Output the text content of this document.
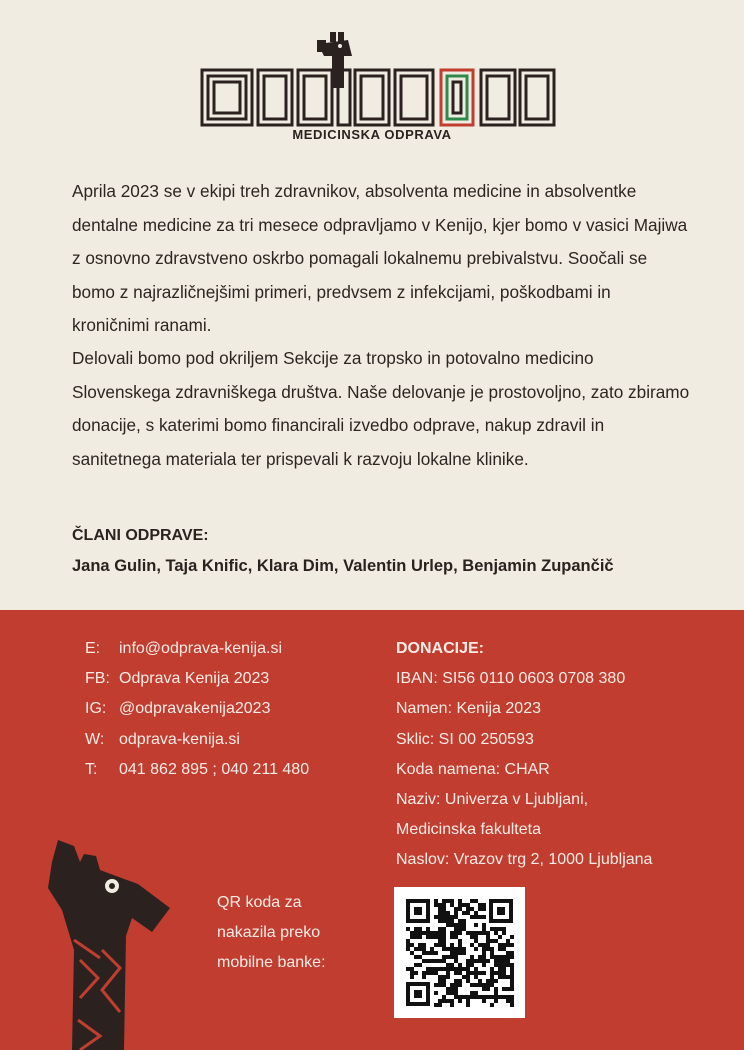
MEDICINSKA ODPRAVA
Aprila 2023 se v ekipi treh zdravnikov, absolventa medicine in absolventke dentalne medicine za tri mesece odpravljamo v Kenijo, kjer bomo v vasici Majiwa z osnovno zdravstveno oskrbo pomagali lokalnemu prebivalstvu. Soočali se bomo z najrazličnejšimi primeri, predvsem z infekcijami, poškodbami in kroničnimi ranami.
Delovali bomo pod okriljem Sekcije za tropsko in potovalno medicino Slovenskega zdravniškega društva. Naše delovanje je prostovoljno, zato zbiramo donacije, s katerimi bomo financirali izvedbo odprave, nakup zdravil in sanitetnega materiala ter prispevali k razvoju lokalne klinike.
ČLANI ODPRAVE:
Jana Gulin, Taja Knific, Klara Dim, Valentin Urlep, Benjamin Zupančič
E:	info@odprava-kenija.si
FB: Odprava Kenija 2023
IG: @odpravakenija2023
W: odprava-kenija.si
T:	041 862 895 ; 040 211 480
DONACIJE:
IBAN: SI56 0110 0603 0708 380
Namen: Kenija 2023
Sklic: SI 00 250593
Koda namena: CHAR
Naziv: Univerza v Ljubljani,
Medicinska fakulteta
Naslov: Vrazov trg 2, 1000 Ljubljana
QR koda za
nakazila preko
mobilne banke:
